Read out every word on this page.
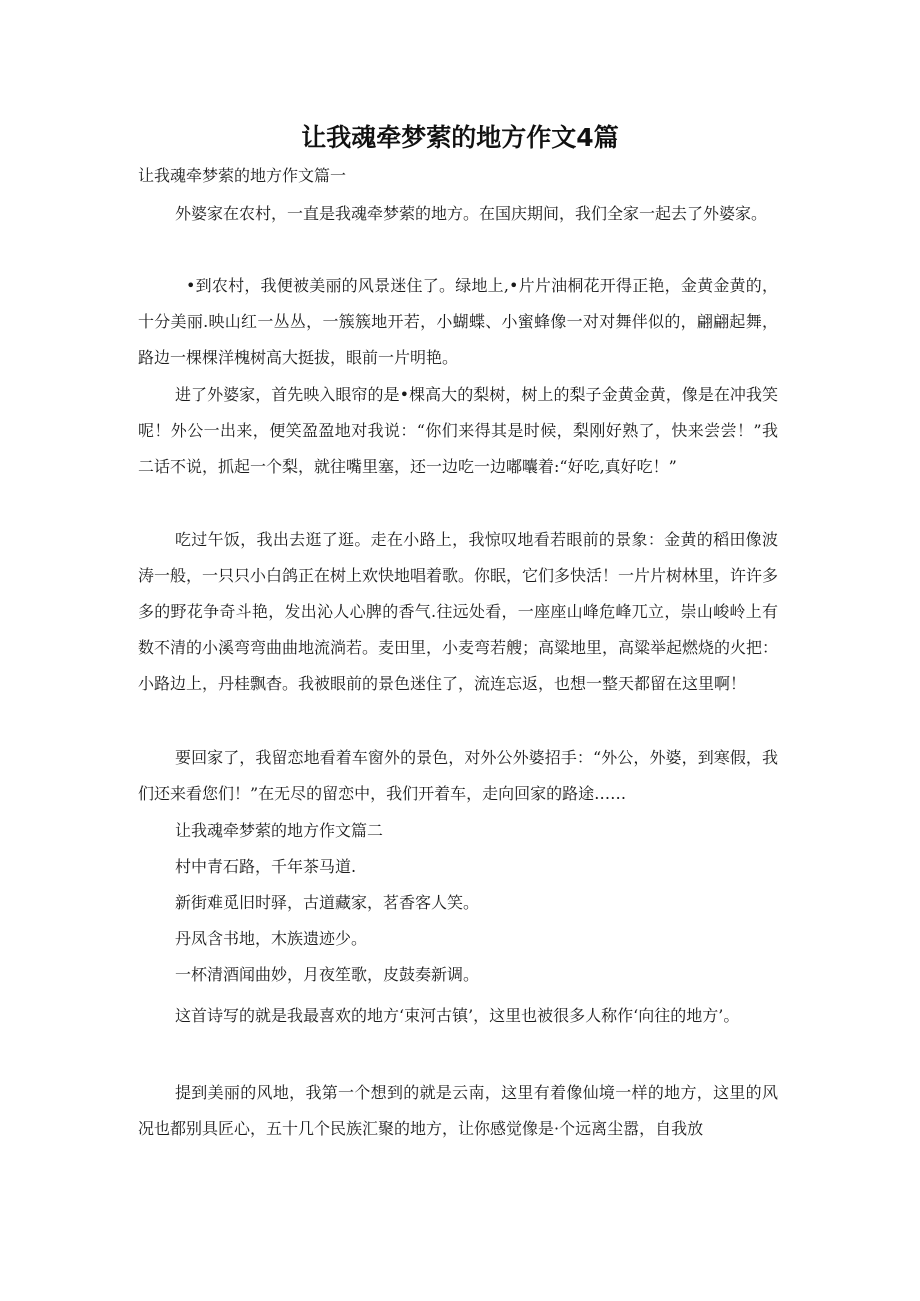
让我魂牵梦萦的地方作文4篇
让我魂牵梦萦的地方作文篇一
外婆家在农村，一直是我魂牵梦萦的地方。在国庆期间，我们全家一起去了外婆家。
•到农村，我便被美丽的风景迷住了。绿地上,•片片油桐花开得正艳，金黄金黄的，十分美丽.映山红一丛丛，一簇簇地开若，小蝴蝶、小蜜蜂像一对对舞伴似的，翩翩起舞，路边一棵棵洋槐树高大挺拔，眼前一片明艳。
进了外婆家，首先映入眼帘的是•棵高大的梨树，树上的梨子金黄金黄，像是在冲我笑呢！外公一出来，便笑盈盈地对我说：“你们来得其是时候，梨刚好熟了，快来尝尝！”我二话不说，抓起一个梨，就往嘴里塞，还一边吃一边嘟囔着:“好吃,真好吃！”
吃过午饭，我出去逛了逛。走在小路上，我惊叹地看若眼前的景象：金黄的稻田像波涛一般，一只只小白鸽正在树上欢快地唱着歌。你眠，它们多快活！一片片树林里，许许多多的野花争奇斗艳，发出沁人心脾的香气.往远处看，一座座山峰危峰兀立，崇山峻岭上有数不清的小溪弯弯曲曲地流淌若。麦田里，小麦弯若艘；高粱地里，高粱举起燃烧的火把：小路边上，丹桂飘杳。我被眼前的景色迷住了，流连忘返，也想一整天都留在这里啊！
要回家了，我留恋地看着车窗外的景色，对外公外婆招手：“外公，外婆，到寒假，我们还来看您们！”在无尽的留恋中，我们开着车，走向回家的路途……
让我魂牵梦萦的地方作文篇二
村中青石路，千年茶马道.
新街难觅旧时驿，古道藏家，茗香客人笑。
丹凤含书地，木族遗迹少。
一杯清酒闻曲妙，月夜笙歌，皮鼓奏新调。
这首诗写的就是我最喜欢的地方‘束河古镇’，这里也被很多人称作‘向往的地方’。
提到美丽的风地，我第一个想到的就是云南，这里有着像仙境一样的地方，这里的风况也都别具匠心，五十几个民族汇聚的地方，让你感觉像是·个远离尘嚣，自我放
